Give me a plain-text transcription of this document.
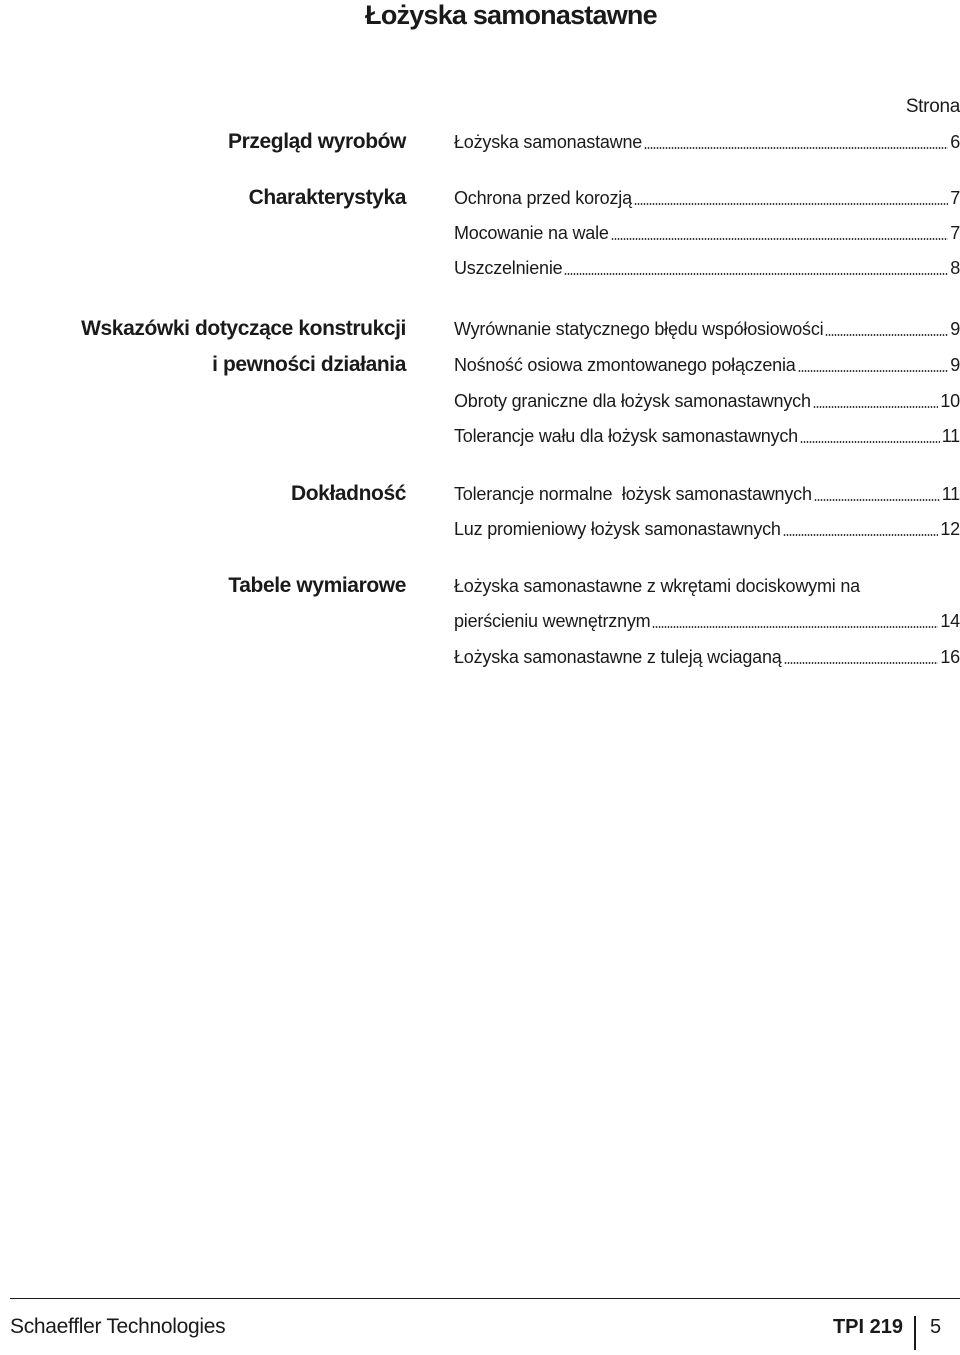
Łożyska samonastawne
Strona
Przegląd wyrobów	Łożyska samonastawne	6
Charakterystyka	Ochrona przed korozją	7
Mocowanie na wale	7
Uszczelnienie	8
Wskazówki dotyczące konstrukcji
i pewności działania
Wyrównanie statycznego błędu współosiowości	9
Nośność osiowa zmontowanego połączenia	9
Obroty graniczne dla łożysk samonastawnych	10
Tolerancje wału dla łożysk samonastawnych	11
Dokładność	Tolerancje normalne  łożysk samonastawnych	11
Luz promieniowy łożysk samonastawnych	12
Tabele wymiarowe	Łożyska samonastawne z wkrętami dociskowymi na
pierścieniu wewnętrznym	14
Łożyska samonastawne z tuleją wciaganą	16
Schaeffler Technologies	TPI 219 5
